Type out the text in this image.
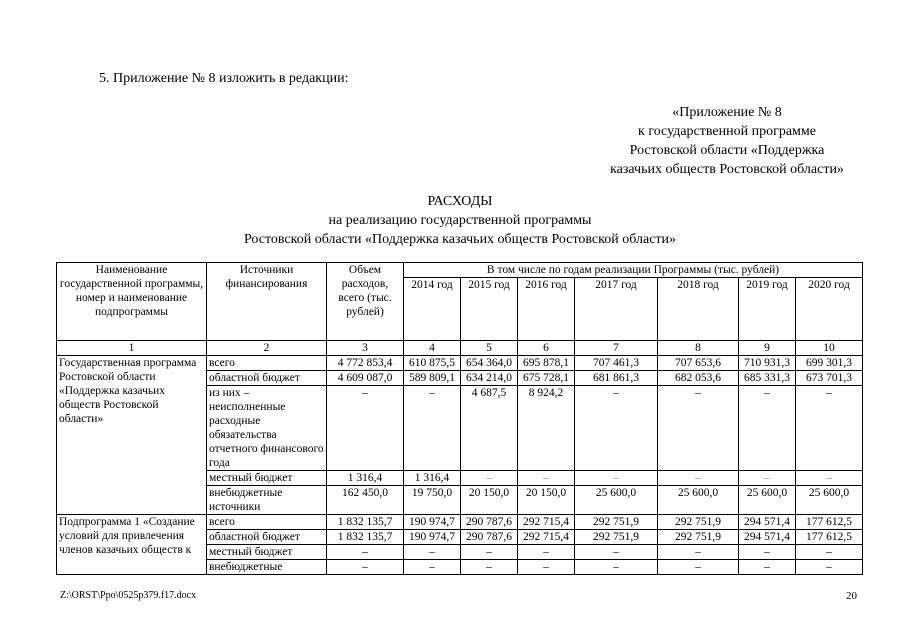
5. Приложение № 8 изложить в редакции:
«Приложение № 8
к государственной программе
Ростовской области «Поддержка
казачьих обществ Ростовской области»
РАСХОДЫ
на реализацию государственной программы
Ростовской области «Поддержка казачьих обществ Ростовской области»
Наименование государственной программы, номер и наименование подпрограммы	Источники финансирования	Объем расходов, всего (тыс. рублей)	В том числе по годам реализации Программы (тыс. рублей)						
			2014 год	2015 год	2016 год	2017 год	2018 год	2019 год	2020 год
1	2	3	4	5	6	7	8	9	10
Государственная программа Ростовской области «Поддержка казачьих обществ Ростовской области»	всего	4 772 853,4	610 875,5	654 364,0	695 878,1	707 461,3	707 653,6	710 931,3	699 301,3
	областной бюджет	4 609 087,0	589 809,1	634 214,0	675 728,1	681 861,3	682 053,6	685 331,3	673 701,3
	из них – неисполненные расходные обязательства отчетного финансового года	–	–	4 687,5	8 924,2	–	–	–	–
	местный бюджет	1 316,4	1 316,4	–	–	–	–	–	–
	внебюджетные источники	162 450,0	19 750,0	20 150,0	20 150,0	25 600,0	25 600,0	25 600,0	25 600,0
Подпрограмма 1 «Создание условий для привлечения членов казачьих обществ к	всего	1 832 135,7	190 974,7	290 787,6	292 715,4	292 751,9	292 751,9	294 571,4	177 612,5
	областной бюджет	1 832 135,7	190 974,7	290 787,6	292 715,4	292 751,9	292 751,9	294 571,4	177 612,5
	местный бюджет	–	–	–	–	–	–	–	–
	внебюджетные	–	–	–	–	–	–	–	–
Z:\ORST\Ppo\0525p379.f17.docx	20
